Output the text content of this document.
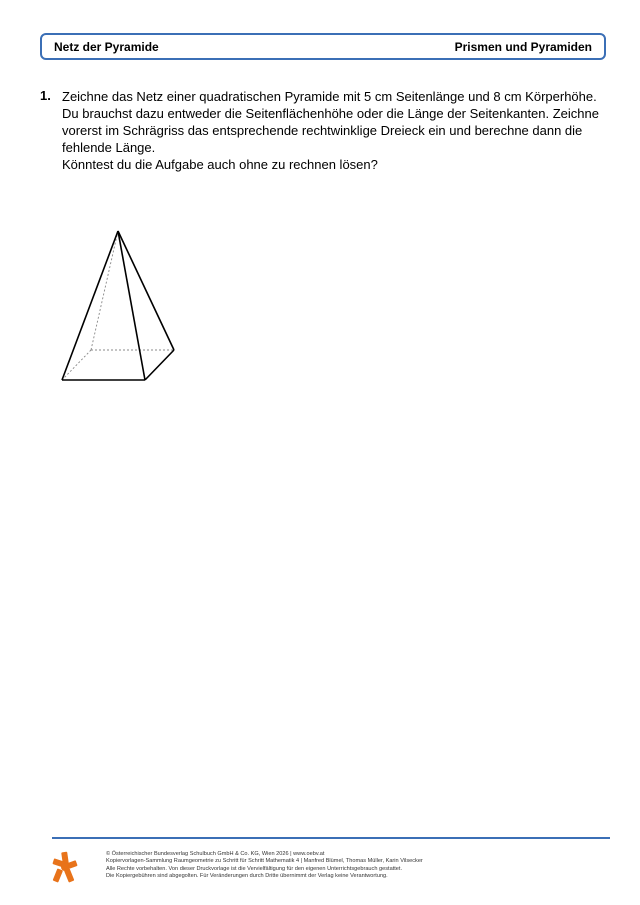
Netz der Pyramide	Prismen und Pyramiden
1. Zeichne das Netz einer quadratischen Pyramide mit 5 cm Seitenlänge und 8 cm Körperhöhe.

Du brauchst dazu entweder die Seitenflächenhöhe oder die Länge der Seitenkanten. Zeichne

vorerst im Schrägriss das entsprechende rechtwinklige Dreieck ein und berechne dann die

fehlende Länge.

Könntest du die Aufgabe auch ohne zu rechnen lösen?

© Österreichischer Bundesverlag Schulbuch GmbH & Co. KG, Wien 2026 | www.oebv.at
Kopiervorlagen-Sammlung Raumgeometrie zu Schritt für Schritt Mathematik 4 | Manfred Blümel, Thomas Müller, Karin Vilsecker
Alle Rechte vorbehalten. Von dieser Druckvorlage ist die Vervielfältigung für den eigenen Unterrichtsgebrauch gestattet.
Die Kopiergebühren sind abgegolten. Für Veränderungen durch Dritte übernimmt der Verlag keine Verantwortung.
